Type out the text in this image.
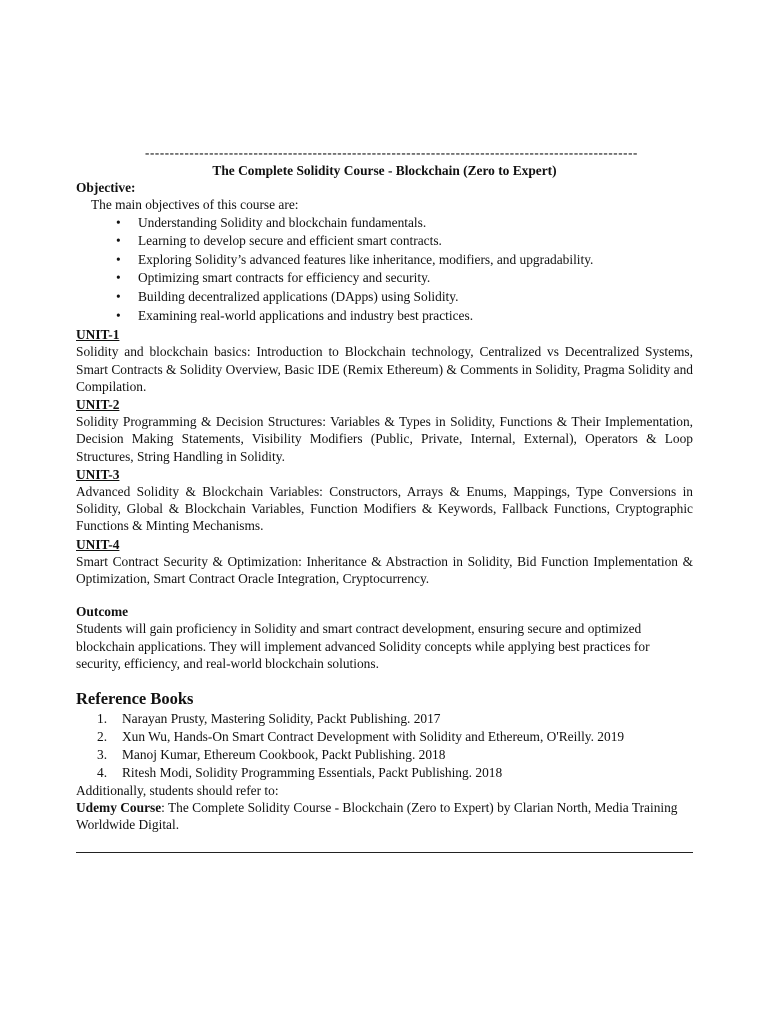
----------------------------------------------------------------------------------------------------
The Complete Solidity Course - Blockchain (Zero to Expert)
Objective:
The main objectives of this course are:
• Understanding Solidity and blockchain fundamentals.
• Learning to develop secure and efficient smart contracts.
• Exploring Solidity’s advanced features like inheritance, modifiers, and upgradability.
• Optimizing smart contracts for efficiency and security.
• Building decentralized applications (DApps) using Solidity.
• Examining real-world applications and industry best practices.
UNIT-1
Solidity and blockchain basics: Introduction to Blockchain technology, Centralized vs Decentralized Systems, Smart Contracts & Solidity Overview, Basic IDE (Remix Ethereum) & Comments in Solidity, Pragma Solidity and Compilation.
UNIT-2
Solidity Programming & Decision Structures: Variables & Types in Solidity, Functions & Their Implementation, Decision Making Statements, Visibility Modifiers (Public, Private, Internal, External), Operators & Loop Structures, String Handling in Solidity.
UNIT-3
Advanced Solidity & Blockchain Variables: Constructors, Arrays & Enums, Mappings, Type Conversions in Solidity, Global & Blockchain Variables, Function Modifiers & Keywords, Fallback Functions, Cryptographic Functions & Minting Mechanisms.
UNIT-4
Smart Contract Security & Optimization: Inheritance & Abstraction in Solidity, Bid Function Implementation & Optimization, Smart Contract Oracle Integration, Cryptocurrency.
Outcome
Students will gain proficiency in Solidity and smart contract development, ensuring secure and optimized blockchain applications. They will implement advanced Solidity concepts while applying best practices for security, efficiency, and real-world blockchain solutions.
Reference Books
1. Narayan Prusty, Mastering Solidity, Packt Publishing. 2017
2. Xun Wu, Hands-On Smart Contract Development with Solidity and Ethereum, O'Reilly. 2019
3. Manoj Kumar, Ethereum Cookbook, Packt Publishing. 2018
4. Ritesh Modi, Solidity Programming Essentials, Packt Publishing. 2018
Additionally, students should refer to:
Udemy Course: The Complete Solidity Course - Blockchain (Zero to Expert) by Clarian North, Media Training Worldwide Digital.
